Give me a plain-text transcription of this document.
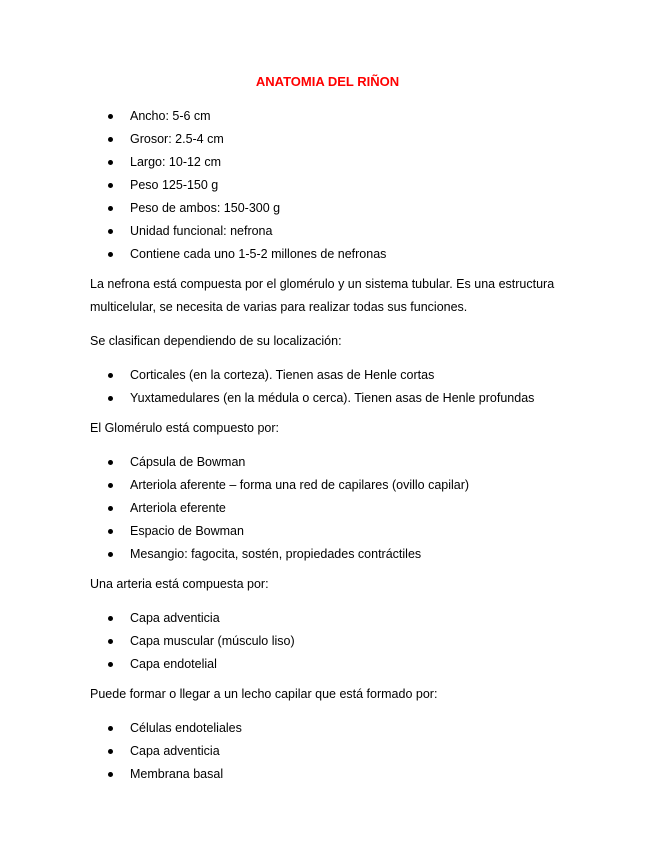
ANATOMIA DEL RIÑON
Ancho: 5-6 cm
Grosor: 2.5-4 cm
Largo: 10-12 cm
Peso 125-150 g
Peso de ambos: 150-300 g
Unidad funcional: nefrona
Contiene cada uno 1-5-2 millones de nefronas

La nefrona está compuesta por el glomérulo y un sistema tubular. Es una estructura
multicelular, se necesita de varias para realizar todas sus funciones.

Se clasifican dependiendo de su localización:

Corticales (en la corteza). Tienen asas de Henle cortas
Yuxtamedulares (en la médula o cerca). Tienen asas de Henle profundas

El Glomérulo está compuesto por:

Cápsula de Bowman
Arteriola aferente – forma una red de capilares (ovillo capilar)
Arteriola eferente
Espacio de Bowman
Mesangio: fagocita, sostén, propiedades contráctiles

Una arteria está compuesta por:

Capa adventicia
Capa muscular (músculo liso)
Capa endotelial

Puede formar o llegar a un lecho capilar que está formado por:

Células endoteliales
Capa adventicia
Membrana basal
